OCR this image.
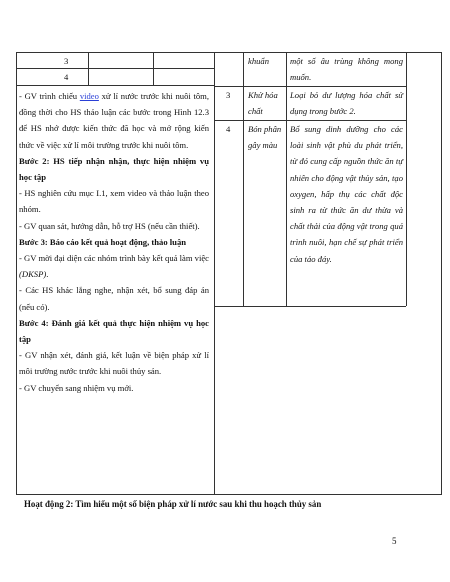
3
4

- GV trình chiếu video xử lí nước trước khi nuôi tôm, đồng thời cho HS thảo luận các bước trong Hình 12.3 để HS nhớ được kiến thức đã học và mở rộng kiến thức về việc xử lí môi trường trước khi nuôi tôm.

Bước 2: HS tiếp nhận nhận, thực hiện nhiệm vụ học tập

- HS nghiên cứu mục I.1, xem video và thảo luận theo nhóm.

- GV quan sát, hướng dẫn, hỗ trợ HS (nếu cần thiết).

Bước 3: Báo cáo kết quả hoạt động, thảo luận

- GV mời đại diện các nhóm trình bày kết quả làm việc (DKSP).

- Các HS khác lắng nghe, nhận xét, bổ sung đáp án (nếu có).

Bước 4: Đánh giá kết quả thực hiện nhiệm vụ học tập

- GV nhận xét, đánh giá, kết luận về biện pháp xử lí môi trường nước trước khi nuôi thủy sản.

- GV chuyển sang nhiệm vụ mới.

khuẩn	một số âu trùng không mong muốn.
3 Khử hóa chất
Loại bỏ dư lượng hóa chất sử dụng trong bước 2.
4 Bón phân gây màu
Bổ sung dinh dưỡng cho các loài sinh vật phù du phát triển, từ đó cung cấp nguồn thức ăn tự nhiên cho động vật thủy sản, tạo oxygen, hấp thụ các chất độc sinh ra từ thức ăn dư thừa và chất thải của động vật trong quá trình nuôi, hạn chế sự phát triển của tảo đáy.
Hoạt động 2: Tìm hiểu một số biện pháp xử lí nước sau khi thu hoạch thủy sản
5
